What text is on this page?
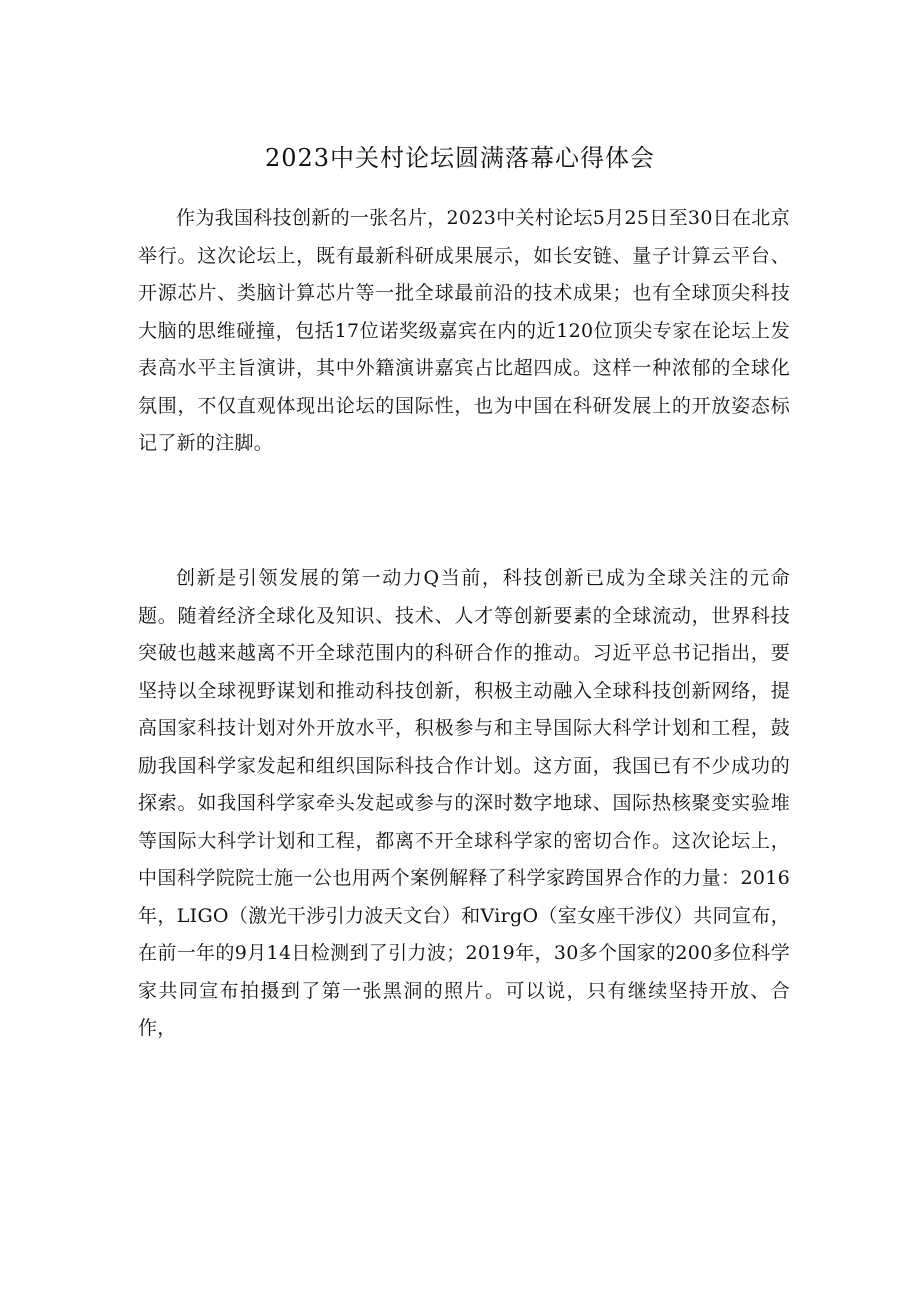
2023中关村论坛圆满落幕心得体会

作为我国科技创新的一张名片，2023中关村论坛5月25日至30日在北京举行。这次论坛上，既有最新科研成果展示，如长安链、量子计算云平台、开源芯片、类脑计算芯片等一批全球最前沿的技术成果；也有全球顶尖科技大脑的思维碰撞，包括17位诺奖级嘉宾在内的近120位顶尖专家在论坛上发表高水平主旨演讲，其中外籍演讲嘉宾占比超四成。这样一种浓郁的全球化氛围，不仅直观体现出论坛的国际性，也为中国在科研发展上的开放姿态标记了新的注脚。

创新是引领发展的第一动力Q当前，科技创新已成为全球关注的元命题。随着经济全球化及知识、技术、人才等创新要素的全球流动，世界科技突破也越来越离不开全球范围内的科研合作的推动。习近平总书记指出，要坚持以全球视野谋划和推动科技创新，积极主动融入全球科技创新网络，提高国家科技计划对外开放水平，积极参与和主导国际大科学计划和工程，鼓励我国科学家发起和组织国际科技合作计划。这方面，我国已有不少成功的探索。如我国科学家牵头发起或参与的深时数字地球、国际热核聚变实验堆等国际大科学计划和工程，都离不开全球科学家的密切合作。这次论坛上，中国科学院院士施一公也用两个案例解释了科学家跨国界合作的力量：2016年，LIGO（激光干涉引力波天文台）和VirgO（室女座干涉仪）共同宣布，在前一年的9月14日检测到了引力波；2019年，30多个国家的200多位科学家共同宣布拍摄到了第一张黑洞的照片。可以说，只有继续坚持开放、合作，
